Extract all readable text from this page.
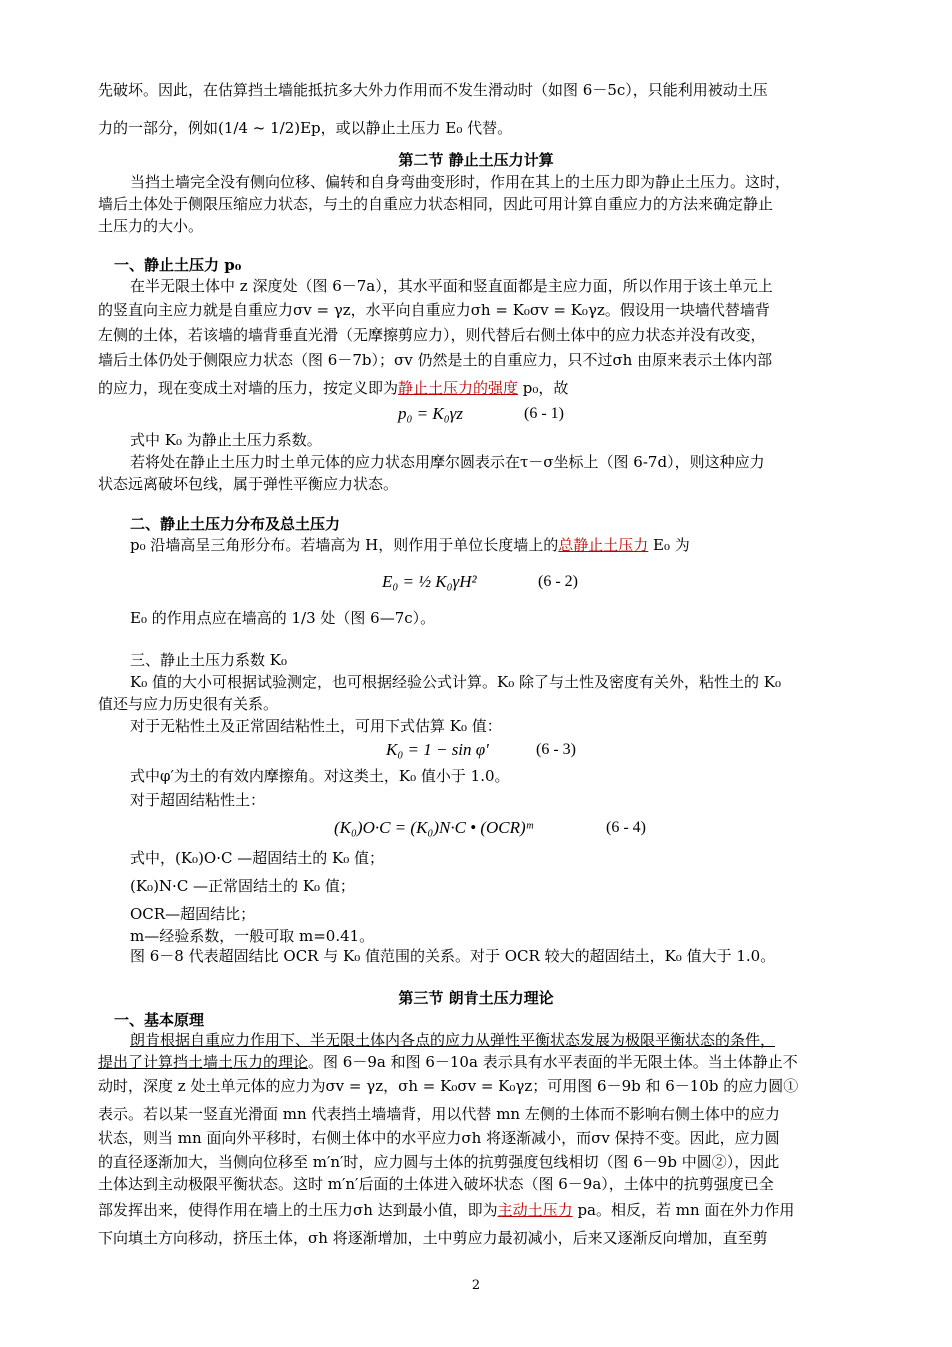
先破坏。因此，在估算挡土墙能抵抗多大外力作用而不发生滑动时（如图 6－5c），只能利用被动土压
力的一部分，例如(1/4 ~ 1/2)Ep，或以静止土压力 E₀ 代替。
第二节 静止土压力计算
当挡土墙完全没有侧向位移、偏转和自身弯曲变形时，作用在其上的土压力即为静止土压力。这时，
墙后土体处于侧限压缩应力状态，与土的自重应力状态相同，因此可用计算自重应力的方法来确定静止
土压力的大小。
一、静止土压力 p₀
在半无限土体中 z 深度处（图 6－7a），其水平面和竖直面都是主应力面，所以作用于该土单元上
的竖直向主应力就是自重应力σv = γz，水平向自重应力σh = K₀σv = K₀γz。假设用一块墙代替墙背
左侧的土体，若该墙的墙背垂直光滑（无摩擦剪应力），则代替后右侧土体中的应力状态并没有改变，
墙后土体仍处于侧限应力状态（图 6－7b）；σv 仍然是土的自重应力，只不过σh 由原来表示土体内部
的应力，现在变成土对墙的压力，按定义即为静止土压力的强度 p₀，故
p₀ = K₀γz	(6 - 1)
式中 K₀ 为静止土压力系数。
若将处在静止土压力时土单元体的应力状态用摩尔圆表示在τ－σ坐标上（图 6-7d），则这种应力
状态远离破坏包线，属于弹性平衡应力状态。
二、静止土压力分布及总土压力
p₀ 沿墙高呈三角形分布。若墙高为 H，则作用于单位长度墙上的总静止土压力 E₀ 为
E₀ = ½ K₀γH²	(6 - 2)
E₀ 的作用点应在墙高的 1/3 处（图 6—7c）。
三、静止土压力系数 K₀
K₀ 值的大小可根据试验测定，也可根据经验公式计算。K₀ 除了与土性及密度有关外，粘性土的 K₀
值还与应力历史很有关系。
对于无粘性土及正常固结粘性土，可用下式估算 K₀ 值：
K₀ = 1 − sin φ′	(6 - 3)
式中φ′为土的有效内摩擦角。对这类土，K₀ 值小于 1.0。
对于超固结粘性土：
(K₀)O·C = (K₀)N·C • (OCR)ᵐ	(6 - 4)
式中，(K₀)O·C —超固结土的 K₀ 值；
(K₀)N·C —正常固结土的 K₀ 值；
OCR—超固结比；
m—经验系数，一般可取 m=0.41。
图 6－8 代表超固结比 OCR 与 K₀ 值范围的关系。对于 OCR 较大的超固结土，K₀ 值大于 1.0。
第三节 朗肯土压力理论
一、基本原理
朗肯根据自重应力作用下、半无限土体内各点的应力从弹性平衡状态发展为极限平衡状态的条件，
提出了计算挡土墙土压力的理论。图 6－9a 和图 6－10a 表示具有水平表面的半无限土体。当土体静止不
动时，深度 z 处土单元体的应力为σv = γz，σh = K₀σv = K₀γz；可用图 6－9b 和 6－10b 的应力圆①
表示。若以某一竖直光滑面 mn 代表挡土墙墙背，用以代替 mn 左侧的土体而不影响右侧土体中的应力
状态，则当 mn 面向外平移时，右侧土体中的水平应力σh 将逐渐减小，而σv 保持不变。因此，应力圆
的直径逐渐加大，当侧向位移至 m′n′时，应力圆与土体的抗剪强度包线相切（图 6－9b 中圆②），因此
土体达到主动极限平衡状态。这时 m′n′后面的土体进入破坏状态（图 6－9a），土体中的抗剪强度已全
部发挥出来，使得作用在墙上的土压力σh 达到最小值，即为主动土压力 pa。相反，若 mn 面在外力作用
下向填土方向移动，挤压土体，σh 将逐渐增加，土中剪应力最初减小，后来又逐渐反向增加，直至剪
2
